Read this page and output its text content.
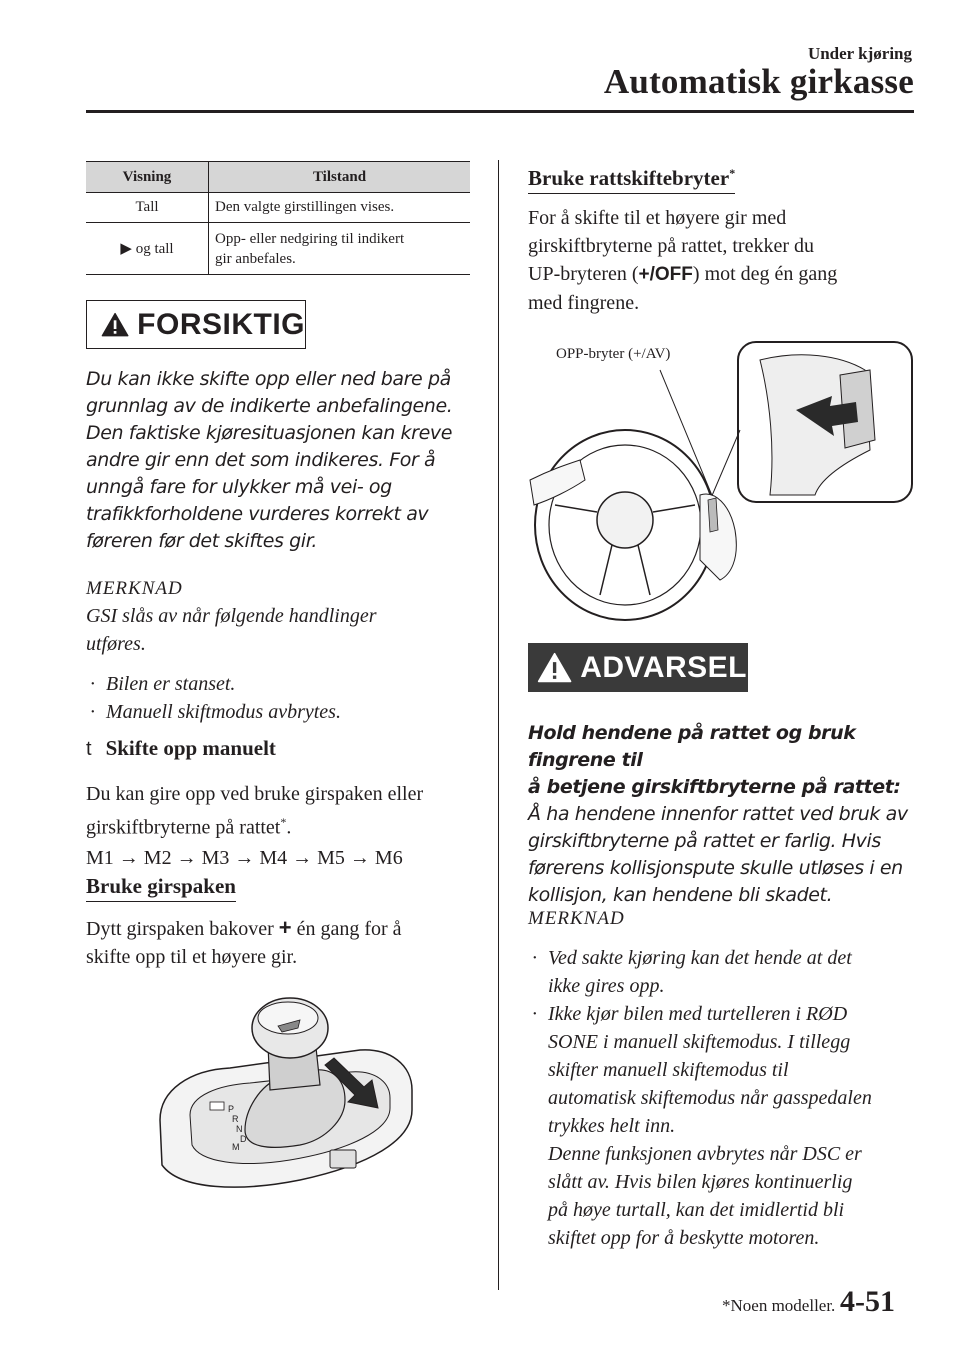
Under kjøring
Automatisk girkasse
Visning	Tilstand
Tall	Den valgte girstillingen vises.
▶ og tall	Opp- eller nedgiring til indikert
gir anbefales.
FORSIKTIG
Du kan ikke skifte opp eller ned bare på
grunnlag av de indikerte anbefalingene.
Den faktiske kjøresituasjonen kan kreve
andre gir enn det som indikeres. For å
unngå fare for ulykker må vei- og
trafikkforholdene vurderes korrekt av
føreren før det skiftes gir.
MERKNAD
GSI slås av når følgende handlinger
utføres.
· Bilen er stanset.
· Manuell skiftmodus avbrytes.
t Skifte opp manuelt
Du kan gire opp ved bruke girspaken eller
girskiftbryterne på rattet*.
M1 → M2 → M3 → M4 → M5 → M6
Bruke girspaken
Dytt girspaken bakover + én gang for å
skifte opp til et høyere gir.
P
R
N
D
M
Bruke rattskiftebryter*
For å skifte til et høyere gir med
girskiftbryterne på rattet, trekker du
UP-bryteren (+/OFF) mot deg én gang
med fingrene.
OPP-bryter (+/AV)
ADVARSEL
Hold hendene på rattet og bruk fingrene til
å betjene girskiftbryterne på rattet:
Å ha hendene innenfor rattet ved bruk av
girskiftbryterne på rattet er farlig. Hvis
førerens kollisjonspute skulle utløses i en
kollisjon, kan hendene bli skadet.
MERKNAD
· Ved sakte kjøring kan det hende at det
ikke gires opp.
· Ikke kjør bilen med turtelleren i RØD
SONE i manuell skiftemodus. I tillegg
skifter manuell skiftemodus til
automatisk skiftemodus når gasspedalen
trykkes helt inn.
Denne funksjonen avbrytes når DSC er
slått av. Hvis bilen kjøres kontinuerlig
på høye turtall, kan det imidlertid bli
skiftet opp for å beskytte motoren.
*Noen modeller. 4-51
